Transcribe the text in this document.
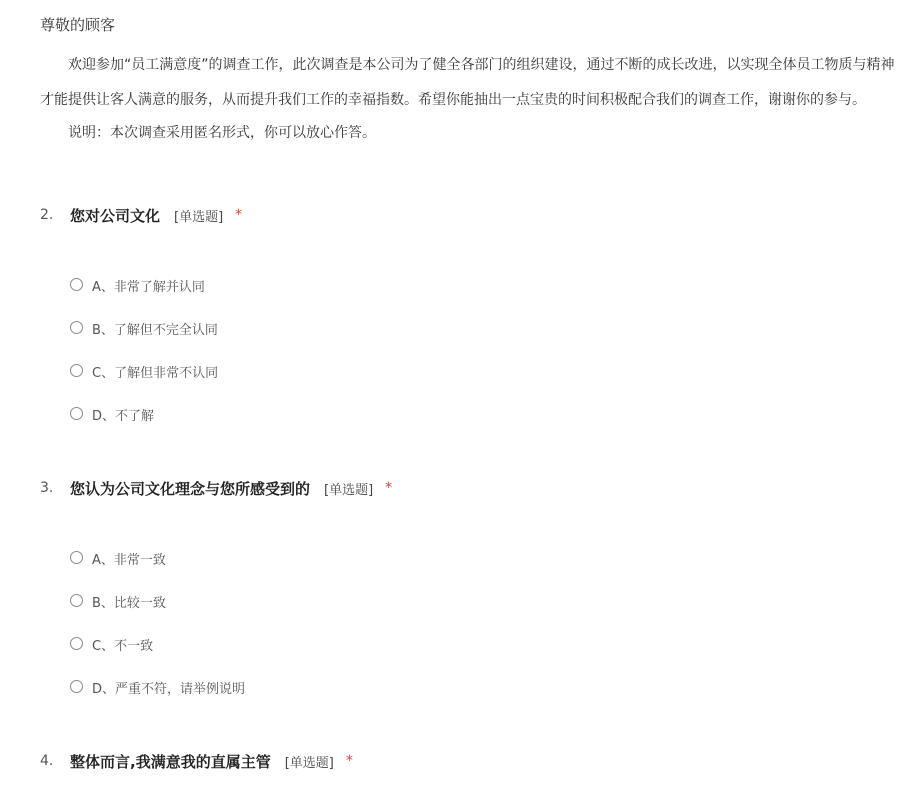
尊敬的顾客
欢迎参加“员工满意度”的调查工作，此次调查是本公司为了健全各部门的组织建设，通过不断的成长改进，以实现全体员工物质与精神
才能提供让客人满意的服务，从而提升我们工作的幸福指数。希望你能抽出一点宝贵的时间积极配合我们的调查工作，谢谢你的参与。
说明：本次调查采用匿名形式，你可以放心作答。
2.	您对公司文化 [单选题] *
A、非常了解并认同
B、了解但不完全认同
C、了解但非常不认同
D、不了解
3.	您认为公司文化理念与您所感受到的 [单选题] *
A、非常一致
B、比较一致
C、不一致
D、严重不符，请举例说明
4.	整体而言,我满意我的直属主管 [单选题] *
